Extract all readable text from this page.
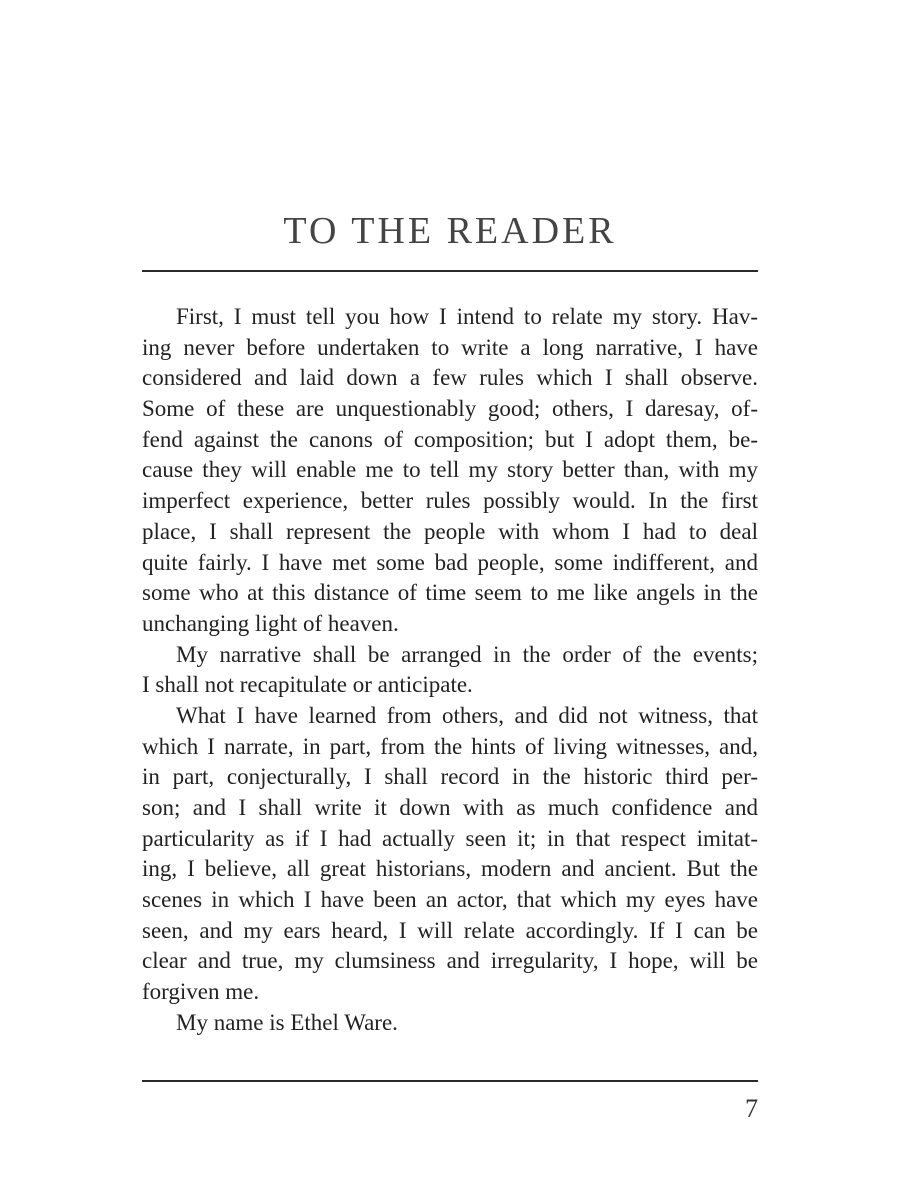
TO THE READER

First, I must tell you how I intend to relate my story. Hav-
ing never before undertaken to write a long narrative, I have
considered and laid down a few rules which I shall observe.
Some of these are unquestionably good; others, I daresay, of-
fend against the canons of composition; but I adopt them, be-
cause they will enable me to tell my story better than, with my
imperfect experience, better rules possibly would. In the first
place, I shall represent the people with whom I had to deal
quite fairly. I have met some bad people, some indifferent, and
some who at this distance of time seem to me like angels in the
unchanging light of heaven.

My narrative shall be arranged in the order of the events;
I shall not recapitulate or anticipate.

What I have learned from others, and did not witness, that
which I narrate, in part, from the hints of living witnesses, and,
in part, conjecturally, I shall record in the historic third per-
son; and I shall write it down with as much confidence and
particularity as if I had actually seen it; in that respect imitat-
ing, I believe, all great historians, modern and ancient. But the
scenes in which I have been an actor, that which my eyes have
seen, and my ears heard, I will relate accordingly. If I can be
clear and true, my clumsiness and irregularity, I hope, will be
forgiven me.

My name is Ethel Ware.

7
